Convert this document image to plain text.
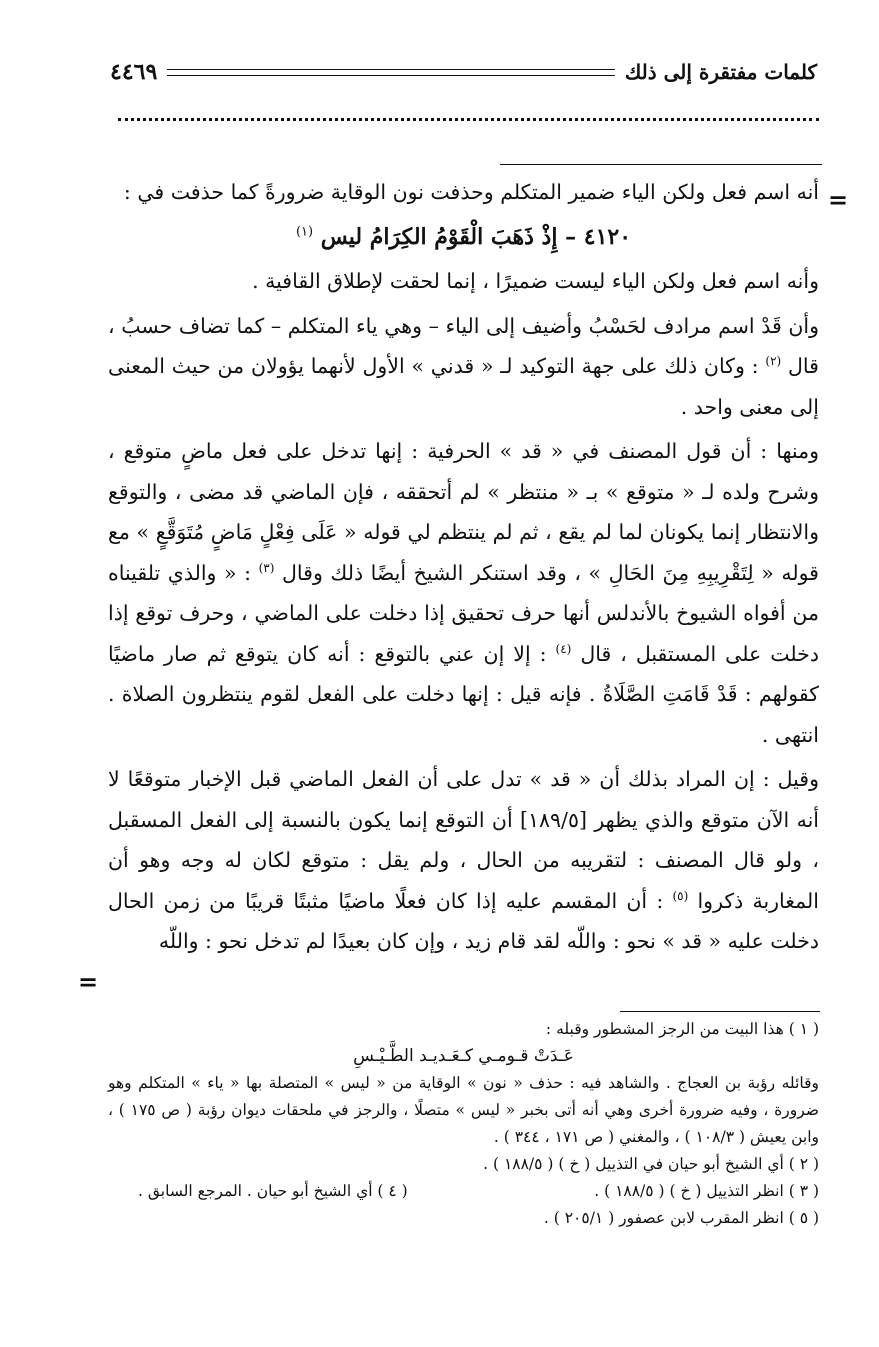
كلمات مفتقرة إلى ذلك
٤٤٦٩
=

أنه اسم فعل ولكن الياء ضمير المتكلم وحذفت نون الوقاية ضرورةً كما حذفت في :

٤١٢٠ – إِذْ ذَهَبَ الْقَوْمُ الكِرَامُ ليس $^{(١)}$

وأنه اسم فعل ولكن الياء ليست ضميرًا ، إنما لحقت لإطلاق القافية .

وأن قَدْ اسم مرادف لحَسْبُ وأضيف إلى الياء – وهي ياء المتكلم – كما تضاف حسبُ ، قال $^{(٢)}$ : وكان ذلك على جهة التوكيد لـ « قدني » الأول لأنهما يؤولان من حيث المعنى إلى معنى واحد .

ومنها : أن قول المصنف في « قد » الحرفية : إنها تدخل على فعل ماضٍ متوقع ، وشرح ولده لـ « متوقع » بـ « منتظر » لم أتحققه ، فإن الماضي قد مضى ، والتوقع والانتظار إنما يكونان لما لم يقع ، ثم لم ينتظم لي قوله « عَلَى فِعْلٍ مَاضٍ مُتَوَقَّعٍ » مع قوله « لِتَقْرِيبِهِ مِنَ الحَالِ » ، وقد استنكر الشيخ أيضًا ذلك وقال $^{(٣)}$ : « والذي تلقيناه من أفواه الشيوخ بالأندلس أنها حرف تحقيق إذا دخلت على الماضي ، وحرف توقع إذا دخلت على المستقبل ، قال $^{(٤)}$ : إلا إن عني بالتوقع : أنه كان يتوقع ثم صار ماضيًا كقولهم : قَدْ قَامَتِ الصَّلَاةُ . فإنه قيل : إنها دخلت على الفعل لقوم ينتظرون الصلاة . انتهى .

وقيل : إن المراد بذلك أن « قد » تدل على أن الفعل الماضي قبل الإخبار متوقعًا لا أنه الآن متوقع والذي يظهر [١٨٩/٥] أن التوقع إنما يكون بالنسبة إلى الفعل المسقبل ، ولو قال المصنف : لتقريبه من الحال ، ولم يقل : متوقع لكان له وجه وهو أن المغاربة ذكروا $^{(٥)}$ : أن المقسم عليه إذا كان فعلًا ماضيًا مثبتًا قريبًا من زمن الحال دخلت عليه « قد » نحو : واللّه لقد قام زيد ، وإن كان بعيدًا لم تدخل نحو : واللّه

=

( ١ ) هذا البيت من الرجز المشطور وقبله :

عَـدَتْ قـومـي كـعَـديـد الطَّـيْـسِ

وقائله رؤبة بن العجاج . والشاهد فيه : حذف « نون » الوقاية من « ليس » المتصلة بها « ياء » المتكلم وهو ضرورة ، وفيه ضرورة أخرى وهي أنه أتى بخبر « ليس » متصلًا ، والرجز في ملحقات ديوان رؤبة ( ص ١٧٥ ) ، وابن يعيش ( ١٠٨/٣ ) ، والمغني ( ص ١٧١ ، ٣٤٤ ) .

( ٢ ) أي الشيخ أبو حيان في التذييل ( خ ) ( ١٨٨/٥ ) .

( ٣ ) انظر التذييل ( خ ) ( ١٨٨/٥ ) .
( ٤ ) أي الشيخ أبو حيان . المرجع السابق .

( ٥ ) انظر المقرب لابن عصفور ( ٢٠٥/١ ) .
